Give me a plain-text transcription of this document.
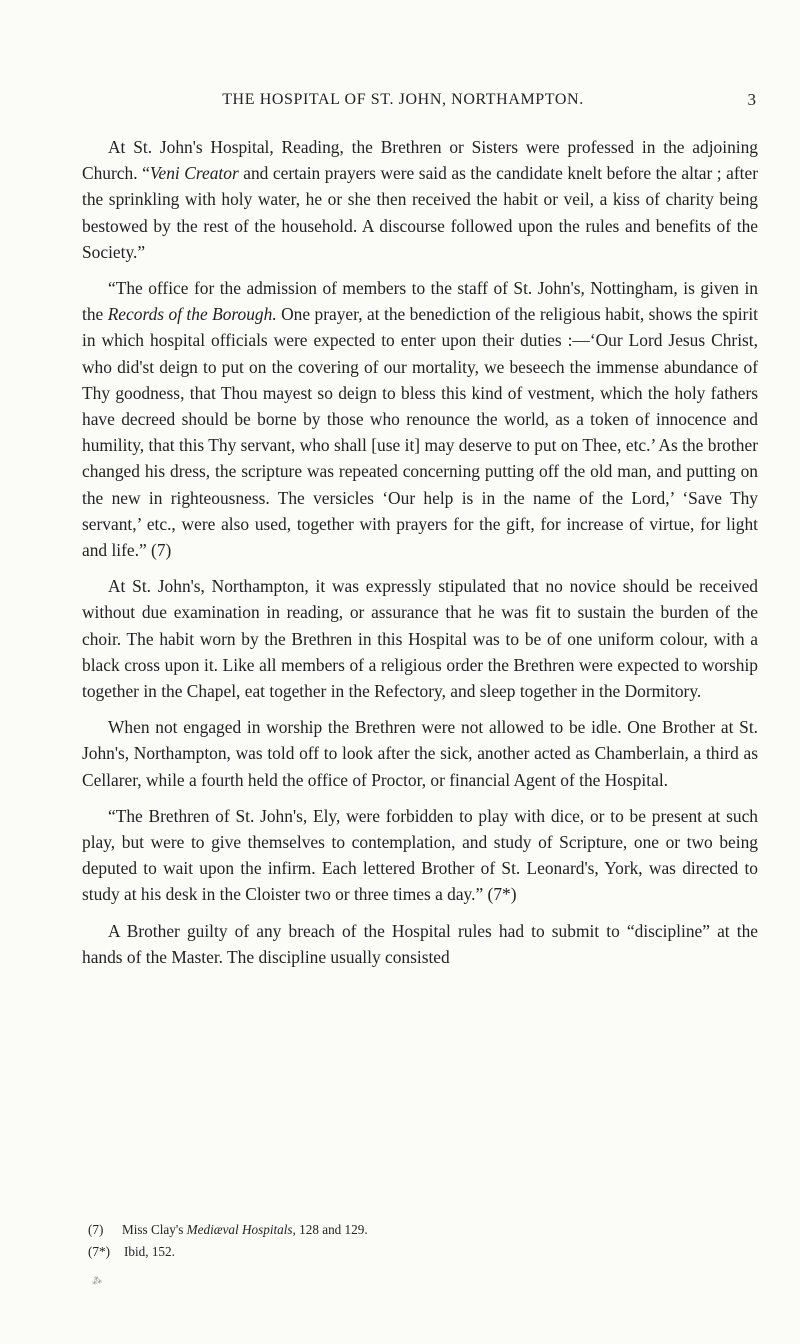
THE HOSPITAL OF ST. JOHN, NORTHAMPTON.	3

At St. John's Hospital, Reading, the Brethren or Sisters were professed in the adjoining Church. “Veni Creator and certain prayers were said as the candidate knelt before the altar ; after the sprinkling with holy water, he or she then received the habit or veil, a kiss of charity being bestowed by the rest of the household. A discourse followed upon the rules and benefits of the Society.”

“The office for the admission of members to the staff of St. John's, Nottingham, is given in the Records of the Borough. One prayer, at the benediction of the religious habit, shows the spirit in which hospital officials were expected to enter upon their duties :—‘Our Lord Jesus Christ, who did'st deign to put on the covering of our mortality, we beseech the immense abundance of Thy goodness, that Thou mayest so deign to bless this kind of vestment, which the holy fathers have decreed should be borne by those who renounce the world, as a token of innocence and humility, that this Thy servant, who shall [use it] may deserve to put on Thee, etc.’ As the brother changed his dress, the scripture was repeated concerning putting off the old man, and putting on the new in righteousness. The versicles ‘Our help is in the name of the Lord,’ ‘Save Thy servant,’ etc., were also used, together with prayers for the gift, for increase of virtue, for light and life.” (7)

At St. John's, Northampton, it was expressly stipulated that no novice should be received without due examination in reading, or assurance that he was fit to sustain the burden of the choir. The habit worn by the Brethren in this Hospital was to be of one uniform colour, with a black cross upon it. Like all members of a religious order the Brethren were expected to worship together in the Chapel, eat together in the Refectory, and sleep together in the Dormitory.

When not engaged in worship the Brethren were not allowed to be idle. One Brother at St. John's, Northampton, was told off to look after the sick, another acted as Chamberlain, a third as Cellarer, while a fourth held the office of Proctor, or financial Agent of the Hospital.

“The Brethren of St. John's, Ely, were forbidden to play with dice, or to be present at such play, but were to give themselves to contemplation, and study of Scripture, one or two being deputed to wait upon the infirm. Each lettered Brother of St. Leonard's, York, was directed to study at his desk in the Cloister two or three times a day.” (7*)

A Brother guilty of any breach of the Hospital rules had to submit to “discipline” at the hands of the Master. The discipline usually consisted

(7)	Miss Clay's Mediæval Hospitals, 128 and 129.
(7*) Ibid, 152.
⁂
